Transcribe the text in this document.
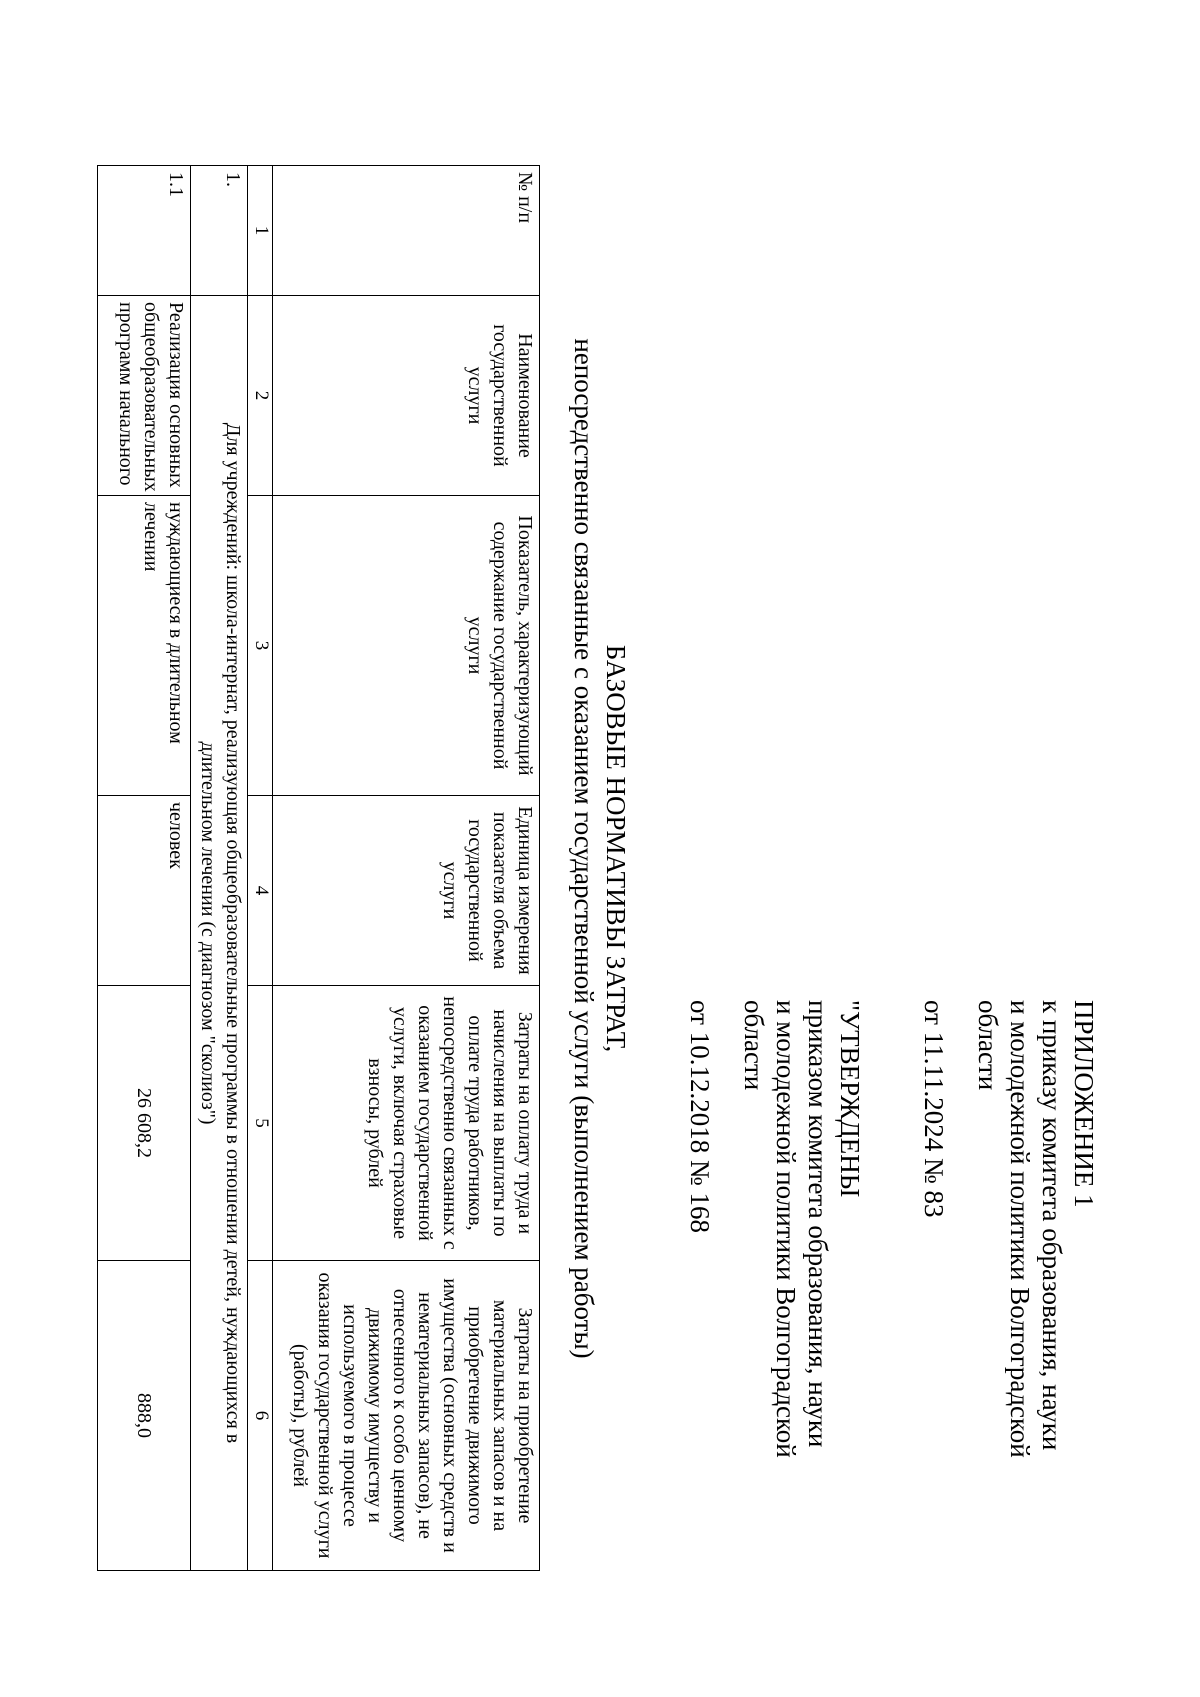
ПРИЛОЖЕНИЕ 1
к приказу комитета образования, науки
и молодежной политики Волгоградской
области
от 11.11.2024 № 83
"УТВЕРЖДЕНЫ
приказом комитета образования, науки
и молодежной политики Волгоградской
области
от 10.12.2018 № 168
БАЗОВЫЕ НОРМАТИВЫ ЗАТРАТ,
непосредственно связанные с оказанием государственной услуги (выполнением работы)
№ п/п	Наименование государственной услуги	Показатель, характеризующий содержание государственной услуги	Единица измерения показателя объема государственной услуги	Затраты на оплату труда и начисления на выплаты по оплате труда работников, непосредственно связанных с оказанием государственной услуги, включая страховые взносы, рублей	Затраты на приобретение материальных запасов и на приобретение движимого имущества (основных средств и нематериальных запасов), не отнесенного к особо ценному движимому имуществу и используемого в процессе оказания государственной услуги (работы), рублей
1	2	3	4	5	6
1.	Для учреждений: школа-интернат, реализующая общеобразовательные программы в отношении детей, нуждающихся в
длительном лечении (с диагнозом "сколиоз")				

1.1	Реализация основных общеобразовательных программ начального	нуждающиеся в длительном лечении	человек	26 608,2	888,0
